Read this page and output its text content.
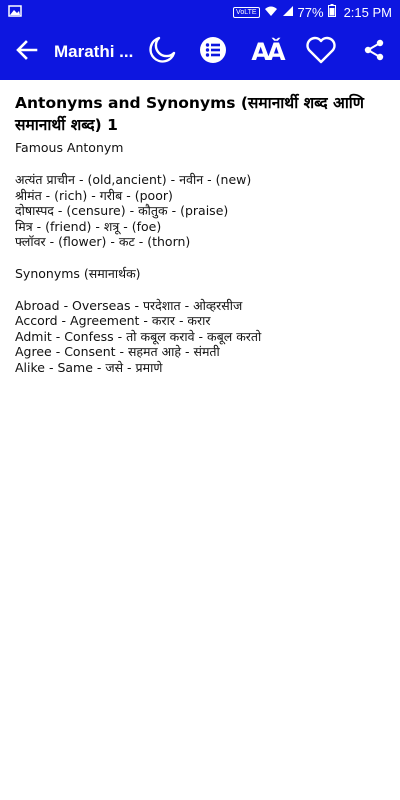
VoLTE	77% 2:15 PM
Marathi ...	AǍ
Antonyms and Synonyms (समानार्थी शब्द आणि समानार्थी शब्द) 1
Famous Antonym
अत्यंत प्राचीन - (old,ancient) - नवीन - (new)
श्रीमंत - (rich) - गरीब - (poor)
दोषास्पद - (censure) - कौतुक - (praise)
मित्र - (friend) - शत्रू - (foe)
फ्लॉवर - (flower) - कट - (thorn)
Synonyms (समानार्थक)
Abroad - Overseas - परदेशात - ओव्हरसीज
Accord - Agreement - करार - करार
Admit - Confess - तो कबूल करावे - कबूल करतो
Agree - Consent - सहमत आहे - संमती
Alike - Same - जसे - प्रमाणे
